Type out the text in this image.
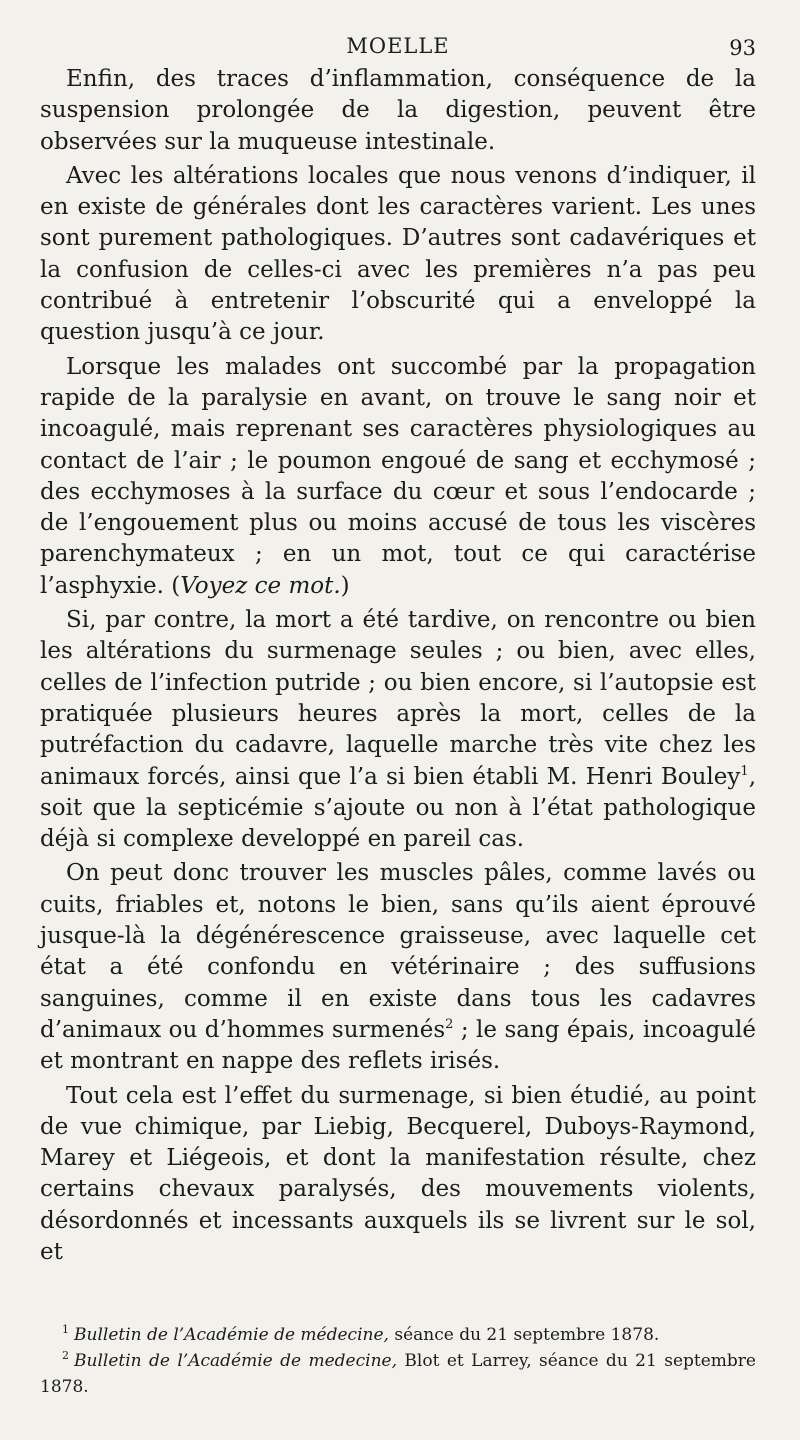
MOELLE	93

Enfin, des traces d’inflammation, conséquence de la suspension prolongée de la digestion, peuvent être observées sur la muqueuse intestinale.

Avec les altérations locales que nous venons d’indiquer, il en existe de générales dont les caractères varient. Les unes sont purement pathologiques. D’autres sont cadavériques et la confusion de celles-ci avec les premières n’a pas peu contribué à entretenir l’obscurité qui a enveloppé la question jusqu’à ce jour.

Lorsque les malades ont succombé par la propagation rapide de la paralysie en avant, on trouve le sang noir et incoagulé, mais reprenant ses caractères physiologiques au contact de l’air ; le poumon engoué de sang et ecchymosé ; des ecchymoses à la surface du cœur et sous l’endocarde ; de l’engouement plus ou moins accusé de tous les viscères parenchymateux ; en un mot, tout ce qui caractérise l’asphyxie. (Voyez ce mot.)

Si, par contre, la mort a été tardive, on rencontre ou bien les altérations du surmenage seules ; ou bien, avec elles, celles de l’infection putride ; ou bien encore, si l’autopsie est pratiquée plusieurs heures après la mort, celles de la putréfaction du cadavre, laquelle marche très vite chez les animaux forcés, ainsi que l’a si bien établi M. Henri Bouley$^1$, soit que la septicémie s’ajoute ou non à l’état pathologique déjà si complexe developpé en pareil cas.

On peut donc trouver les muscles pâles, comme lavés ou cuits, friables et, notons le bien, sans qu’ils aient éprouvé jusque-là la dégénérescence graisseuse, avec laquelle cet état a été confondu en vétérinaire ; des suffusions sanguines, comme il en existe dans tous les cadavres d’animaux ou d’hommes surmenés$^2$ ; le sang épais, incoagulé et montrant en nappe des reflets irisés.

Tout cela est l’effet du surmenage, si bien étudié, au point de vue chimique, par Liebig, Becquerel, Duboys-Raymond, Marey et Liégeois, et dont la manifestation résulte, chez certains chevaux paralysés, des mouvements violents, désordonnés et incessants auxquels ils se livrent sur le sol, et

$^1$ Bulletin de l’Académie de médecine, séance du 21 septembre 1878.

$^2$ Bulletin de l’Académie de medecine, Blot et Larrey, séance du 21 septembre 1878.
